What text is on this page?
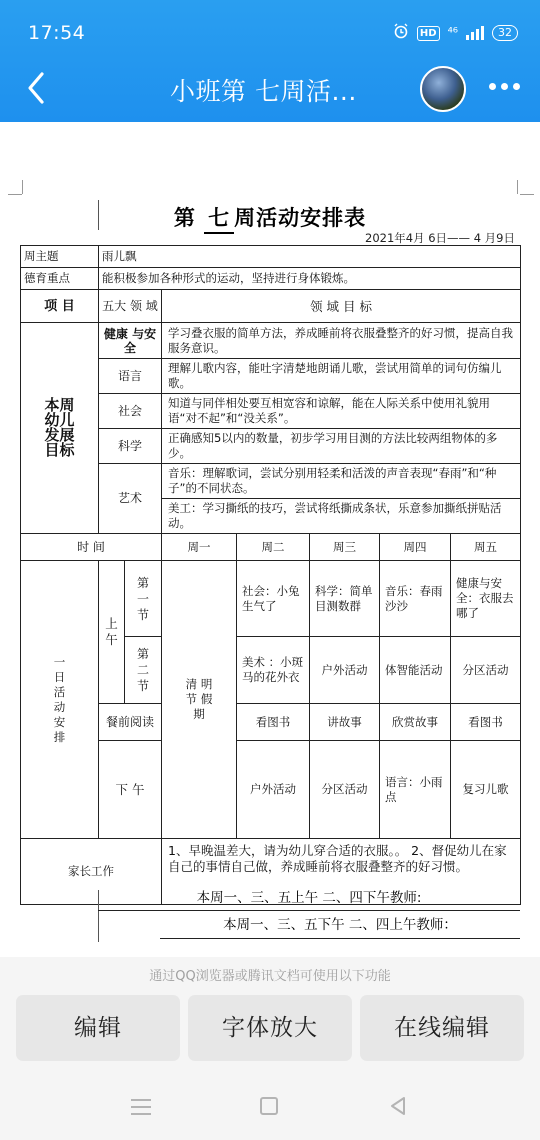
17:54	HD ⁴⁶	32
小班第 七周活...
第 七 周活动安排表
2021年4月 6日—— 4 月9日
周主题	雨儿飘						
德育重点	能积极参加各种形式的运动，坚持进行身体锻炼。						
项 目	五大 领 域		领 域 目 标				
本周 幼儿 发展 目标	健康 与安全		学习叠衣服的简单方法，养成睡前将衣服叠整齐的好习惯，提高自我服务意识。				
	语言		理解儿歌内容，能吐字清楚地朗诵儿歌，尝试用简单的词句仿编儿歌。				
	社会		知道与同伴相处要互相宽容和谅解，能在人际关系中使用礼貌用语“对不起”和“没关系”。				
	科学		正确感知5以内的数量，初步学习用目测的方法比较两组物体的多少。				
	艺术		音乐：理解歌词，尝试分别用轻柔和活泼的声音表现“春雨”和“种子”的不同状态。				
			美工：学习撕纸的技巧，尝试将纸撕成条状，乐意参加撕纸拼贴活动。				
时 间			周一	周二	周三	周四	周五
一 日 活 动 安 排	上 午	第 一 节	清 明 节 假 期	社会：小兔生气了	科学：简单目测数群	音乐：春雨沙沙	健康与安全：衣服去哪了
		第 二 节		美术 ：小斑马的花外衣	户外活动	体智能活动	分区活动
	餐前阅读			看图书	讲故事	欣赏故事	看图书
	下 午			户外活动	分区活动	语言：小雨点	复习儿歌
家长工作			1、早晚温差大，请为幼儿穿合适的衣服。。 2、督促幼儿在家自己的事情自己做，养成睡前将衣服叠整齐的好习惯。				
本周一、三、五上午 二、四下午教师:
本周一、三、五下午 二、四上午教师：
通过QQ浏览器或腾讯文档可使用以下功能
编辑	字体放大	在线编辑
